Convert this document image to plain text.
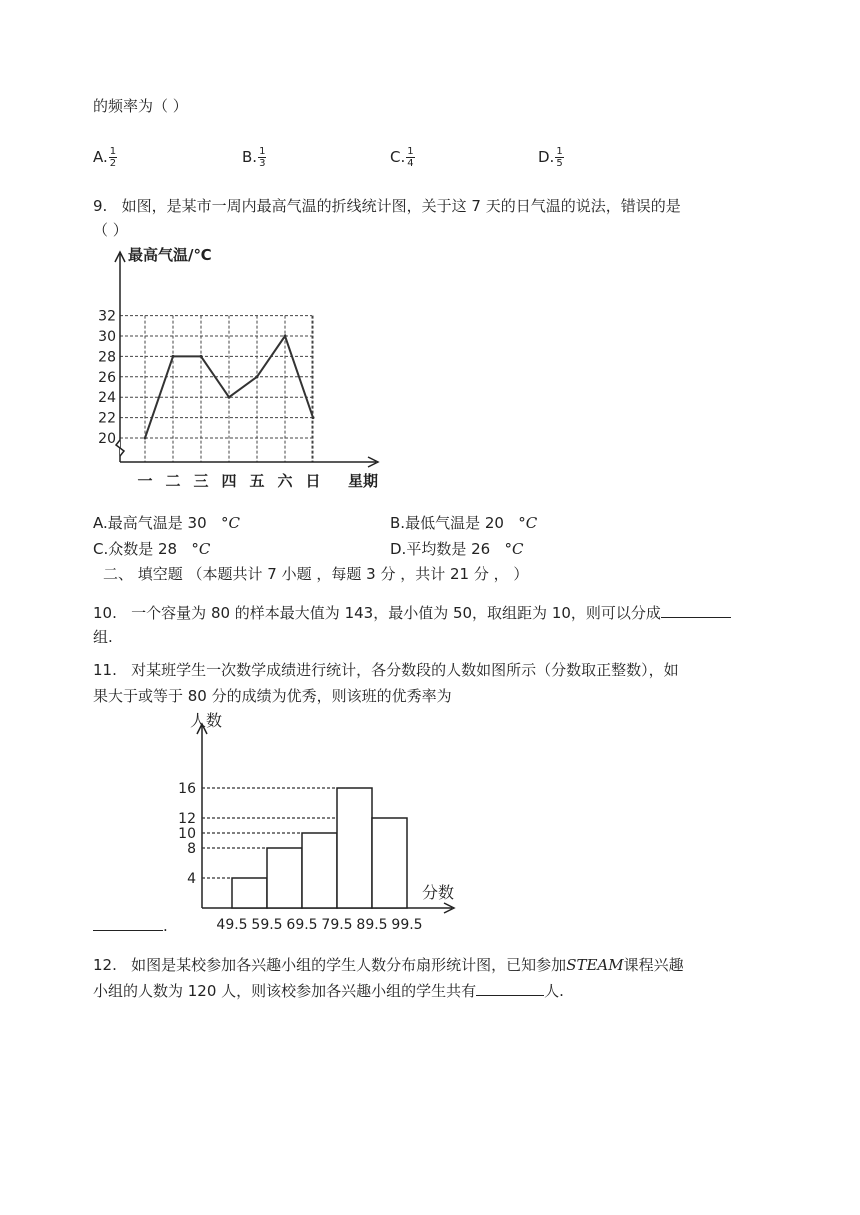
的频率为（ ）
A. $\frac{1}{2}$	B. $\frac{1}{3}$	C. $\frac{1}{4}$	D. $\frac{1}{5}$
9. 如图，是某市一周内最高气温的折线统计图，关于这 7 天的日气温的说法，错误的是
（ ）
20
22
24
26
28
30
32
一 二 三 四 五 六 日
最高气温/℃
星期
A.最高气温是 30 °C	B.最低气温是 20 °C
C.众数是 28 °C	D.平均数是 26 °C
二、 填空题 （本题共计 7 小题 ，每题 3 分 ，共计 21 分 ， ）
10. 一个容量为 80 的样本最大值为 143，最小值为 50，取组距为 10，则可以分成
组.
11. 对某班学生一次数学成绩进行统计，各分数段的人数如图所示（分数取正整数），如
果大于或等于 80 分的成绩为优秀，则该班的优秀率为
4
8
10
12
16
49.5 59.5 69.5 79.5 89.5 99.5
人数
分数
.
12. 如图是某校参加各兴趣小组的学生人数分布扇形统计图，已知参加STEAM课程兴趣
小组的人数为 120 人，则该校参加各兴趣小组的学生共有	人.
